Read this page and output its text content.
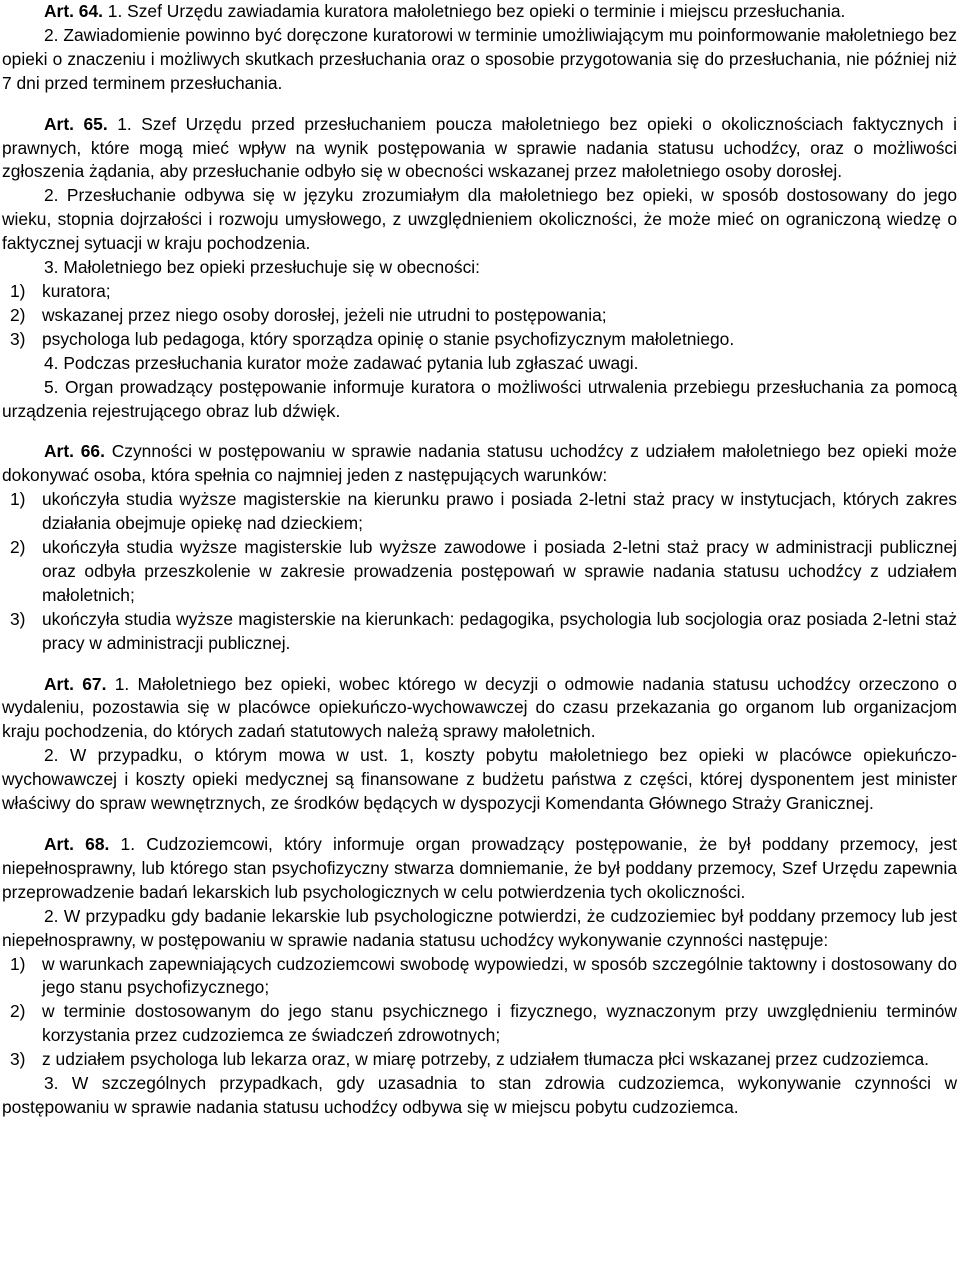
Art. 64. 1. Szef Urzędu zawiadamia kuratora małoletniego bez opieki o terminie i miejscu przesłuchania.

2. Zawiadomienie powinno być doręczone kuratorowi w terminie umożliwiającym mu poinformowanie małoletniego bez opieki o znaczeniu i możliwych skutkach przesłuchania oraz o sposobie przygotowania się do przesłuchania, nie później niż 7 dni przed terminem przesłuchania.

Art. 65. 1. Szef Urzędu przed przesłuchaniem poucza małoletniego bez opieki o okolicznościach faktycznych i prawnych, które mogą mieć wpływ na wynik postępowania w sprawie nadania statusu uchodźcy, oraz o możliwości zgłoszenia żądania, aby przesłuchanie odbyło się w obecności wskazanej przez małoletniego osoby dorosłej.

2. Przesłuchanie odbywa się w języku zrozumiałym dla małoletniego bez opieki, w sposób dostosowany do jego wieku, stopnia dojrzałości i rozwoju umysłowego, z uwzględnieniem okoliczności, że może mieć on ograniczoną wiedzę o faktycznej sytuacji w kraju pochodzenia.

3. Małoletniego bez opieki przesłuchuje się w obecności:

1) kuratora;
2) wskazanej przez niego osoby dorosłej, jeżeli nie utrudni to postępowania;
3) psychologa lub pedagoga, który sporządza opinię o stanie psychofizycznym małoletniego.

4. Podczas przesłuchania kurator może zadawać pytania lub zgłaszać uwagi.

5. Organ prowadzący postępowanie informuje kuratora o możliwości utrwalenia przebiegu przesłuchania za pomocą urządzenia rejestrującego obraz lub dźwięk.

Art. 66. Czynności w postępowaniu w sprawie nadania statusu uchodźcy z udziałem małoletniego bez opieki może dokonywać osoba, która spełnia co najmniej jeden z następujących warunków:

1) ukończyła studia wyższe magisterskie na kierunku prawo i posiada 2-letni staż pracy w instytucjach, których zakres działania obejmuje opiekę nad dzieckiem;
2) ukończyła studia wyższe magisterskie lub wyższe zawodowe i posiada 2-letni staż pracy w administracji publicznej oraz odbyła przeszkolenie w zakresie prowadzenia postępowań w sprawie nadania statusu uchodźcy z udziałem małoletnich;
3) ukończyła studia wyższe magisterskie na kierunkach: pedagogika, psychologia lub socjologia oraz posiada 2-letni staż pracy w administracji publicznej.

Art. 67. 1. Małoletniego bez opieki, wobec którego w decyzji o odmowie nadania statusu uchodźcy orzeczono o wydaleniu, pozostawia się w placówce opiekuńczo-wychowawczej do czasu przekazania go organom lub organizacjom kraju pochodzenia, do których zadań statutowych należą sprawy małoletnich.

2. W przypadku, o którym mowa w ust. 1, koszty pobytu małoletniego bez opieki w placówce opiekuńczo-wychowawczej i koszty opieki medycznej są finansowane z budżetu państwa z części, której dysponentem jest minister właściwy do spraw wewnętrznych, ze środków będących w dyspozycji Komendanta Głównego Straży Granicznej.

Art. 68. 1. Cudzoziemcowi, który informuje organ prowadzący postępowanie, że był poddany przemocy, jest niepełnosprawny, lub którego stan psychofizyczny stwarza domniemanie, że był poddany przemocy, Szef Urzędu zapewnia przeprowadzenie badań lekarskich lub psychologicznych w celu potwierdzenia tych okoliczności.

2. W przypadku gdy badanie lekarskie lub psychologiczne potwierdzi, że cudzoziemiec był poddany przemocy lub jest niepełnosprawny, w postępowaniu w sprawie nadania statusu uchodźcy wykonywanie czynności następuje:

1) w warunkach zapewniających cudzoziemcowi swobodę wypowiedzi, w sposób szczególnie taktowny i dostosowany do jego stanu psychofizycznego;
2) w terminie dostosowanym do jego stanu psychicznego i fizycznego, wyznaczonym przy uwzględnieniu terminów korzystania przez cudzoziemca ze świadczeń zdrowotnych;
3) z udziałem psychologa lub lekarza oraz, w miarę potrzeby, z udziałem tłumacza płci wskazanej przez cudzoziemca.

3. W szczególnych przypadkach, gdy uzasadnia to stan zdrowia cudzoziemca, wykonywanie czynności w postępowaniu w sprawie nadania statusu uchodźcy odbywa się w miejscu pobytu cudzoziemca.
